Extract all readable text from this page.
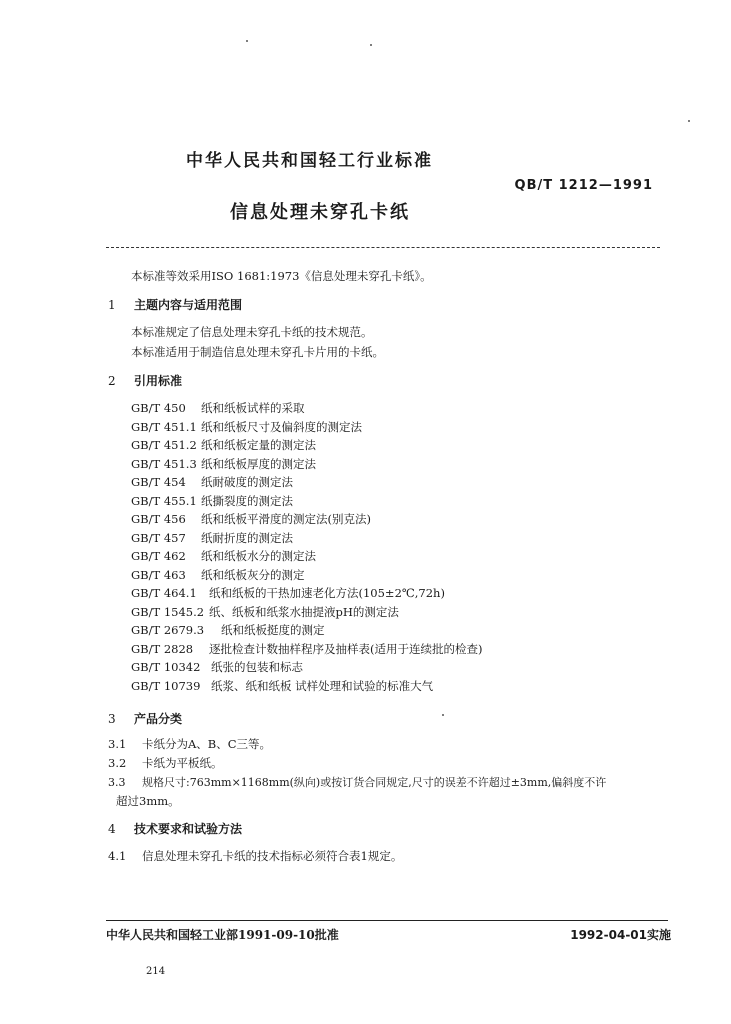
中华人民共和国轻工行业标准
QB/T 1212—1991
信息处理未穿孔卡纸
本标准等效采用ISO 1681:1973《信息处理未穿孔卡纸》。
1 主题内容与适用范围
本标准规定了信息处理未穿孔卡纸的技术规范。
本标准适用于制造信息处理未穿孔卡片用的卡纸。
2 引用标准
GB/T 450 纸和纸板试样的采取
GB/T 451.1 纸和纸板尺寸及偏斜度的测定法
GB/T 451.2 纸和纸板定量的测定法
GB/T 451.3 纸和纸板厚度的测定法
GB/T 454 纸耐破度的测定法
GB/T 455.1 纸撕裂度的测定法
GB/T 456 纸和纸板平滑度的测定法(别克法)
GB/T 457 纸耐折度的测定法
GB/T 462 纸和纸板水分的测定法
GB/T 463 纸和纸板灰分的测定
GB/T 464.1 纸和纸板的干热加速老化方法(105±2℃,72h)
GB/T 1545.2 纸、纸板和纸浆水抽提液pH的测定法
GB/T 2679.3 纸和纸板挺度的测定
GB/T 2828 逐批检查计数抽样程序及抽样表(适用于连续批的检查)
GB/T 10342 纸张的包装和标志
GB/T 10739 纸浆、纸和纸板 试样处理和试验的标准大气
3 产品分类
3.1 卡纸分为A、B、C三等。
3.2 卡纸为平板纸。
3.3 规格尺寸:763mm×1168mm(纵向)或按订货合同规定,尺寸的误差不许超过±3mm,偏斜度不许
超过3mm。
4 技术要求和试验方法
4.1 信息处理未穿孔卡纸的技术指标必须符合表1规定。
中华人民共和国轻工业部1991-09-10批准	1992-04-01实施
214
